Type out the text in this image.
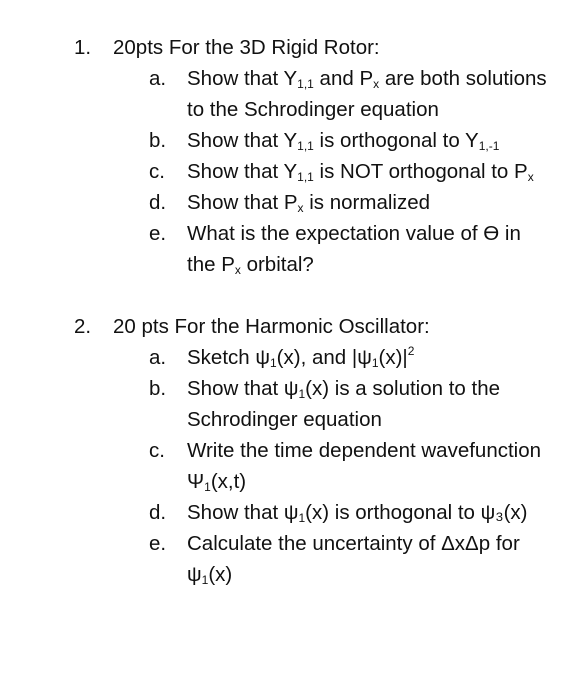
1.	20pts For the 3D Rigid Rotor:
a. Show that $Y_{1,1}$ and $P_x$ are both solutions to the Schrodinger equation
b. Show that $Y_{1,1}$ is orthogonal to $Y_{1,-1}$
c. Show that $Y_{1,1}$ is NOT orthogonal to $P_x$
d. Show that $P_x$ is normalized
e. What is the expectation value of ϴ in the $P_x$ orbital?
2.	20 pts For the Harmonic Oscillator:
a. Sketch $\psi_1(x)$, and $|\psi_1(x)|^2$
b. Show that $\psi_1(x)$ is a solution to the Schrodinger equation
c. Write the time dependent wavefunction $\Psi_1(x,t)$
d. Show that $\psi_1(x)$ is orthogonal to ψ₃(x)
e. Calculate the uncertainty of ΔxΔp for $\psi_1(x)$
